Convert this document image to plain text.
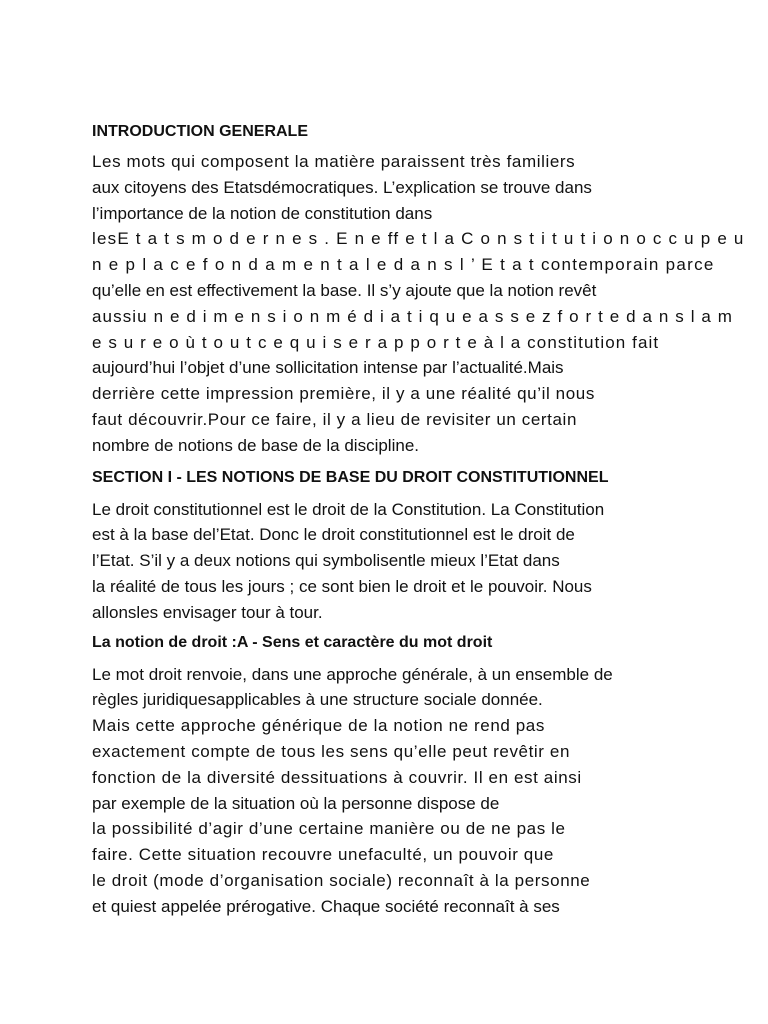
INTRODUCTION GENERALE
Les mots qui composent la matière paraissent très familiers
aux citoyens des Etatsdémocratiques. L’explication se trouve dans
l’importance de la notion de constitution dans
lesE t a t s m o d e r n e s . E n e ff e t l a C o n s t i t u t i o n o c c u p e u
n e p l a c e f o n d a m e n t a l e d a n s l ’ E t a t contemporain parce
qu’elle en est effectivement la base. Il s’y ajoute que la notion revêt
aussiu n e d i m e n s i o n m é d i a t i q u e a s s e z f o r t e d a n s l a m
e s u r e o ù t o u t c e q u i s e r a p p o r t e à l a constitution fait
aujourd’hui l’objet d’une sollicitation intense par l’actualité.Mais
derrière cette impression première, il y a une réalité qu’il nous
faut découvrir.Pour ce faire, il y a lieu de revisiter un certain
nombre de notions de base de la discipline.
SECTION I - LES NOTIONS DE BASE DU DROIT CONSTITUTIONNEL
Le droit constitutionnel est le droit de la Constitution. La Constitution
est à la base del’Etat. Donc le droit constitutionnel est le droit de
l’Etat. S’il y a deux notions qui symbolisentle mieux l’Etat dans
la réalité de tous les jours ; ce sont bien le droit et le pouvoir. Nous
allonsles envisager tour à tour.
La notion de droit :A - Sens et caractère du mot droit
Le mot droit renvoie, dans une approche générale, à un ensemble de
règles juridiquesapplicables à une structure sociale donnée.
Mais cette approche générique de la notion ne rend pas
exactement compte de tous les sens qu’elle peut revêtir en
fonction de la diversité dessituations à couvrir. Il en est ainsi
par exemple de la situation où la personne dispose de
la possibilité d’agir d’une certaine manière ou de ne pas le
faire. Cette situation recouvre unefaculté, un pouvoir que
le droit (mode d’organisation sociale) reconnaît à la personne
et quiest appelée prérogative. Chaque société reconnaît à ses
